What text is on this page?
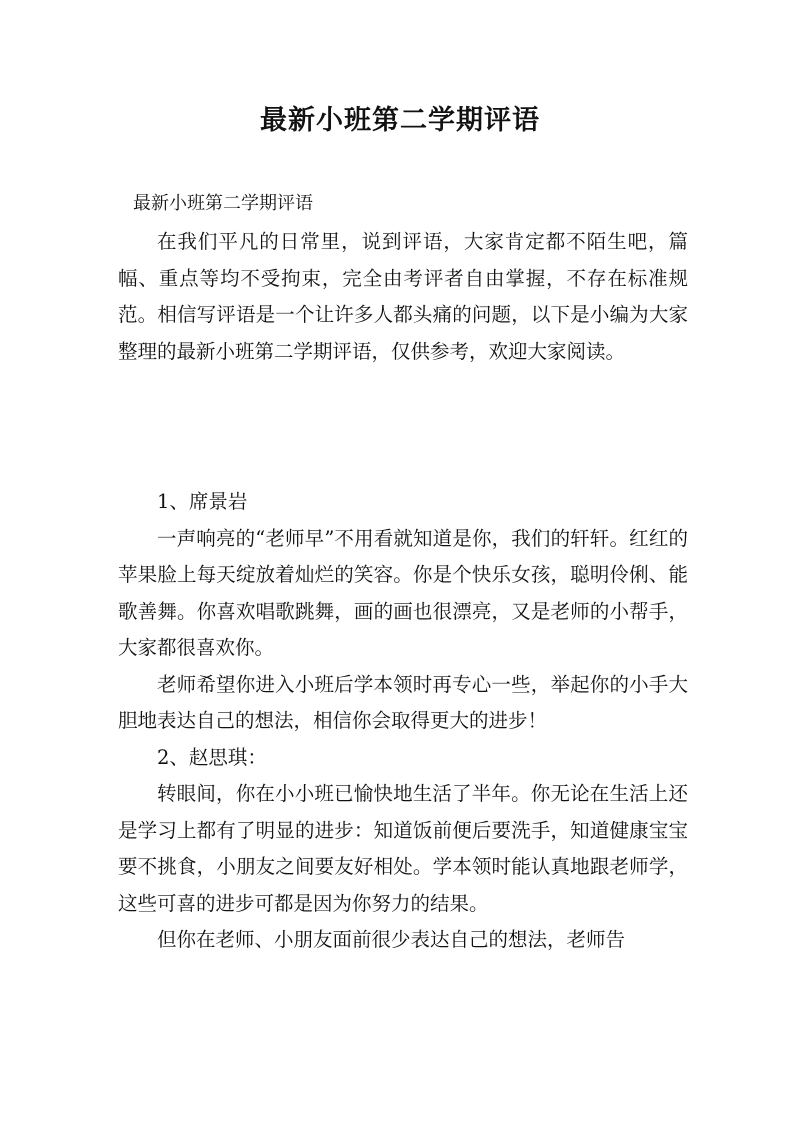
最新小班第二学期评语

最新小班第二学期评语

在我们平凡的日常里，说到评语，大家肯定都不陌生吧，篇幅、重点等均不受拘束，完全由考评者自由掌握，不存在标准规范。相信写评语是一个让许多人都头痛的问题，以下是小编为大家整理的最新小班第二学期评语，仅供参考，欢迎大家阅读。

1、席景岩

一声响亮的“老师早”不用看就知道是你，我们的轩轩。红红的苹果脸上每天绽放着灿烂的笑容。你是个快乐女孩，聪明伶俐、能歌善舞。你喜欢唱歌跳舞，画的画也很漂亮，又是老师的小帮手，大家都很喜欢你。

老师希望你进入小班后学本领时再专心一些，举起你的小手大胆地表达自己的想法，相信你会取得更大的进步！

2、赵思琪：

转眼间，你在小小班已愉快地生活了半年。你无论在生活上还是学习上都有了明显的进步：知道饭前便后要洗手，知道健康宝宝要不挑食，小朋友之间要友好相处。学本领时能认真地跟老师学，这些可喜的进步可都是因为你努力的结果。

但你在老师、小朋友面前很少表达自己的想法，老师告
